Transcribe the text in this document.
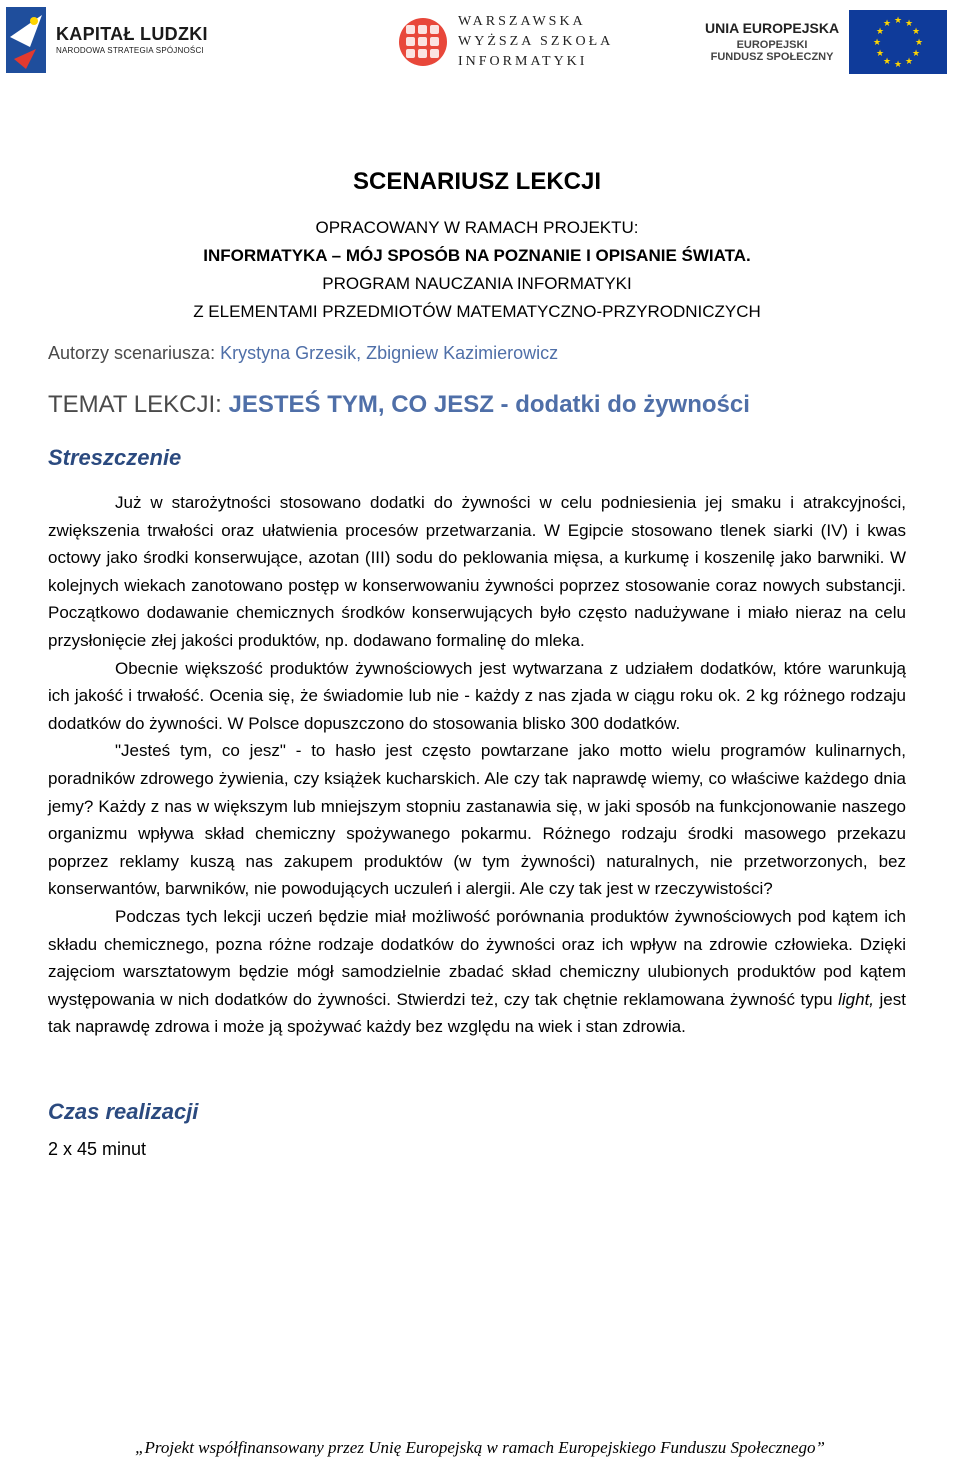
KAPITAŁ LUDZKI
NARODOWA STRATEGIA SPÓJNOŚCI
WARSZAWSKA
WYŻSZA SZKOŁA
INFORMATYKI
UNIA EUROPEJSKA
EUROPEJSKI
FUNDUSZ SPOŁECZNY
★ ★
★
★
★
★
★
★
★
★
★
★
SCENARIUSZ LEKCJI
OPRACOWANY W RAMACH PROJEKTU:
INFORMATYKA – MÓJ SPOSÓB NA POZNANIE I OPISANIE ŚWIATA.
PROGRAM NAUCZANIA INFORMATYKI
Z ELEMENTAMI PRZEDMIOTÓW MATEMATYCZNO-PRZYRODNICZYCH
Autorzy scenariusza: Krystyna Grzesik, Zbigniew Kazimierowicz
TEMAT LEKCJI: JESTEŚ TYM, CO JESZ - dodatki do żywności
Streszczenie

Już w starożytności stosowano dodatki do żywności w celu podniesienia jej smaku i atrakcyjności, zwiększenia trwałości oraz ułatwienia procesów przetwarzania. W Egipcie stosowano tlenek siarki (IV) i kwas octowy jako środki konserwujące, azotan (III) sodu do peklowania mięsa, a kurkumę i koszenilę jako barwniki. W kolejnych wiekach zanotowano postęp w konserwowaniu żywności poprzez stosowanie coraz nowych substancji. Początkowo dodawanie chemicznych środków konserwujących było często nadużywane i miało nieraz na celu przysłonięcie złej jakości produktów, np. dodawano formalinę do mleka.

Obecnie większość produktów żywnościowych jest wytwarzana z udziałem dodatków, które warunkują ich jakość i trwałość. Ocenia się, że świadomie lub nie - każdy z nas zjada w ciągu roku ok. 2 kg różnego rodzaju dodatków do żywności. W Polsce dopuszczono do stosowania blisko 300 dodatków.

"Jesteś tym, co jesz" - to hasło jest często powtarzane jako motto wielu programów kulinarnych, poradników zdrowego żywienia, czy książek kucharskich. Ale czy tak naprawdę wiemy, co właściwe każdego dnia jemy? Każdy z nas w większym lub mniejszym stopniu zastanawia się, w jaki sposób na funkcjonowanie naszego organizmu wpływa skład chemiczny spożywanego pokarmu. Różnego rodzaju środki masowego przekazu poprzez reklamy kuszą nas zakupem produktów (w tym żywności) naturalnych, nie przetworzonych, bez konserwantów, barwników, nie powodujących uczuleń i alergii. Ale czy tak jest w rzeczywistości?

Podczas tych lekcji uczeń będzie miał możliwość porównania produktów żywnościowych pod kątem ich składu chemicznego, pozna różne rodzaje dodatków do żywności oraz ich wpływ na zdrowie człowieka. Dzięki zajęciom warsztatowym będzie mógł samodzielnie zbadać skład chemiczny ulubionych produktów pod kątem występowania w nich dodatków do żywności. Stwierdzi też, czy tak chętnie reklamowana żywność typu light, jest tak naprawdę zdrowa i może ją spożywać każdy bez względu na wiek i stan zdrowia.

Czas realizacji
2 x 45 minut
„Projekt współfinansowany przez Unię Europejską w ramach Europejskiego Funduszu Społecznego”
